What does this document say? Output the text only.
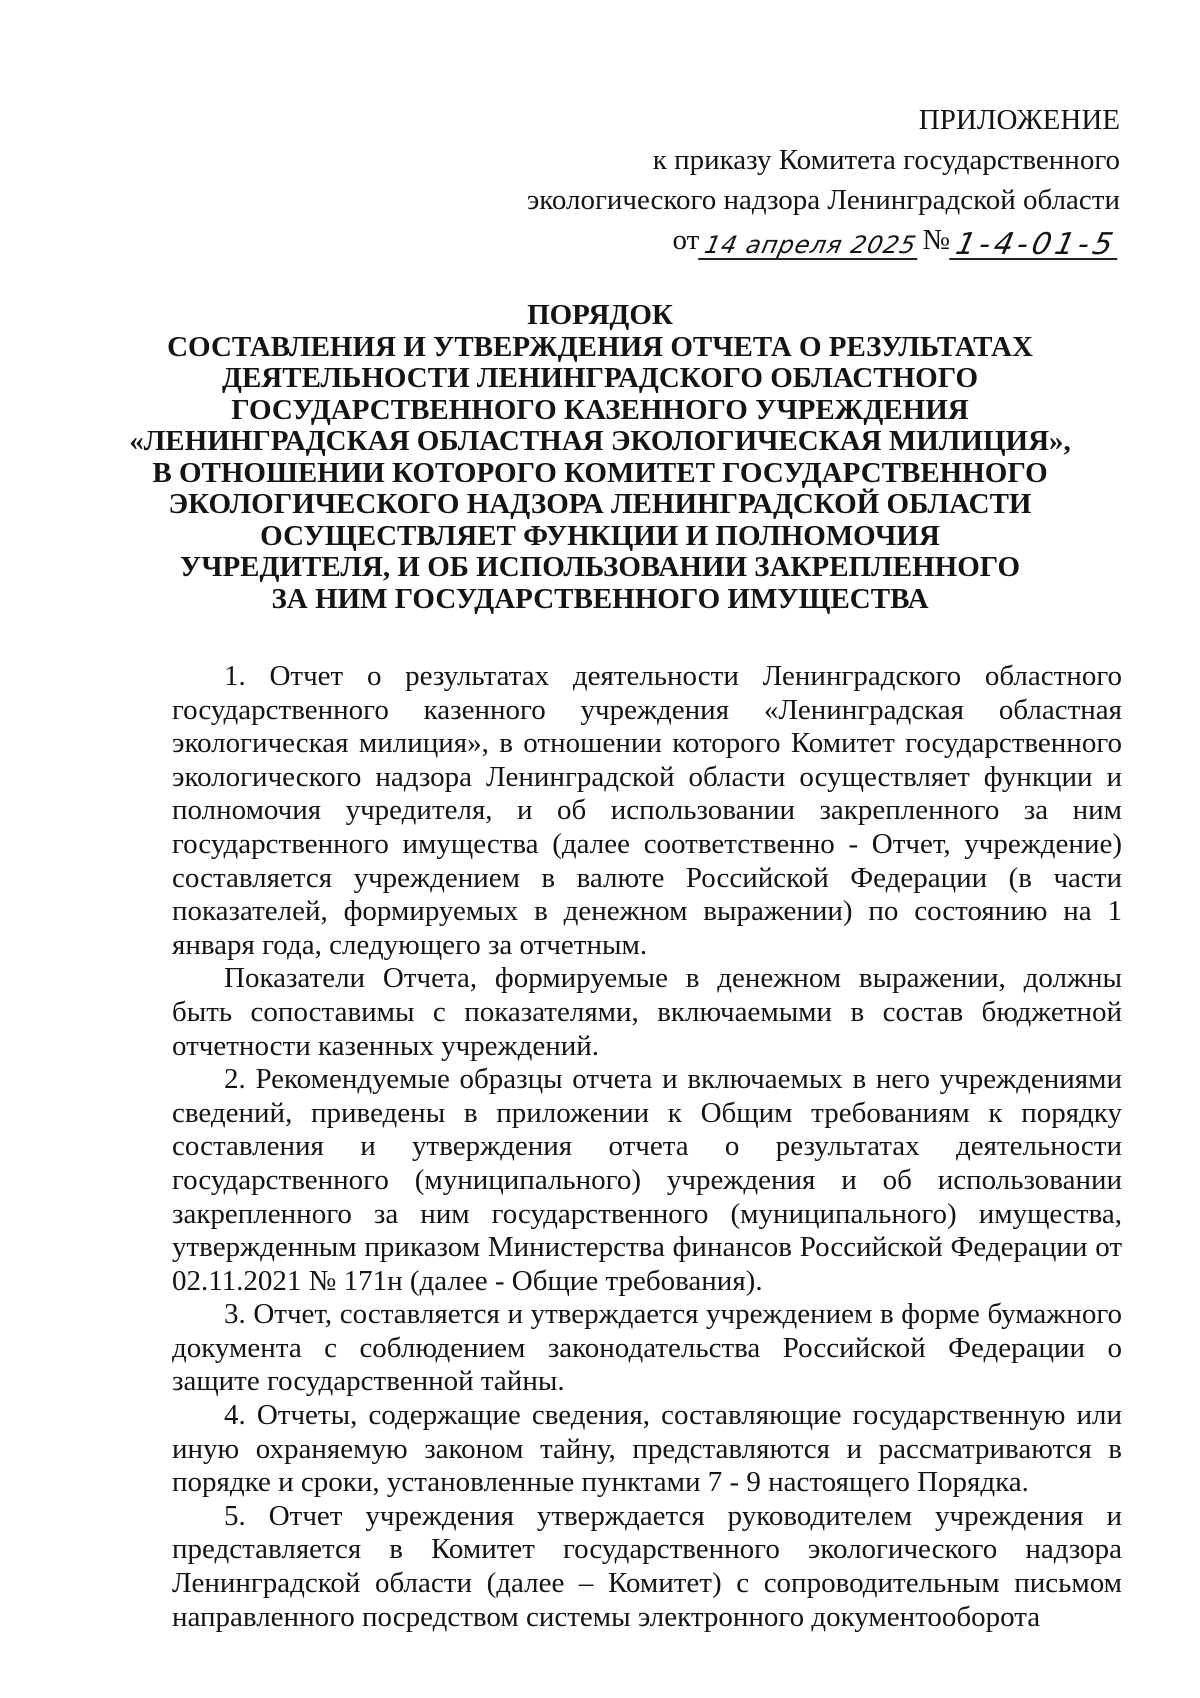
ПРИЛОЖЕНИЕ
к приказу Комитета государственного
экологического надзора Ленинградской области
от 14 апреля 2025 № 1-4-01-5
ПОРЯДОК
СОСТАВЛЕНИЯ И УТВЕРЖДЕНИЯ ОТЧЕТА О РЕЗУЛЬТАТАХ
ДЕЯТЕЛЬНОСТИ ЛЕНИНГРАДСКОГО ОБЛАСТНОГО
ГОСУДАРСТВЕННОГО КАЗЕННОГО УЧРЕЖДЕНИЯ
«ЛЕНИНГРАДСКАЯ ОБЛАСТНАЯ ЭКОЛОГИЧЕСКАЯ МИЛИЦИЯ»,
В ОТНОШЕНИИ КОТОРОГО КОМИТЕТ ГОСУДАРСТВЕННОГО
ЭКОЛОГИЧЕСКОГО НАДЗОРА ЛЕНИНГРАДСКОЙ ОБЛАСТИ
ОСУЩЕСТВЛЯЕТ ФУНКЦИИ И ПОЛНОМОЧИЯ
УЧРЕДИТЕЛЯ, И ОБ ИСПОЛЬЗОВАНИИ ЗАКРЕПЛЕННОГО
ЗА НИМ ГОСУДАРСТВЕННОГО ИМУЩЕСТВА

1. Отчет о результатах деятельности Ленинградского областного государственного казенного учреждения «Ленинградская областная экологическая милиция», в отношении которого Комитет государственного экологического надзора Ленинградской области осуществляет функции и полномочия учредителя, и об использовании закрепленного за ним государственного имущества (далее соответственно - Отчет, учреждение) составляется учреждением в валюте Российской Федерации (в части показателей, формируемых в денежном выражении) по состоянию на 1 января года, следующего за отчетным.

Показатели Отчета, формируемые в денежном выражении, должны быть сопоставимы с показателями, включаемыми в состав бюджетной отчетности казенных учреждений.

2. Рекомендуемые образцы отчета и включаемых в него учреждениями сведений, приведены в приложении к Общим требованиям к порядку составления и утверждения отчета о результатах деятельности государственного (муниципального) учреждения и об использовании закрепленного за ним государственного (муниципального) имущества, утвержденным приказом Министерства финансов Российской Федерации от 02.11.2021 № 171н (далее - Общие требования).

3. Отчет, составляется и утверждается учреждением в форме бумажного документа с соблюдением законодательства Российской Федерации о защите государственной тайны.

4. Отчеты, содержащие сведения, составляющие государственную или иную охраняемую законом тайну, представляются и рассматриваются в порядке и сроки, установленные пунктами 7 - 9 настоящего Порядка.

5. Отчет учреждения утверждается руководителем учреждения и представляется в Комитет государственного экологического надзора Ленинградской области (далее – Комитет) с сопроводительным письмом направленного посредством системы электронного документооборота
